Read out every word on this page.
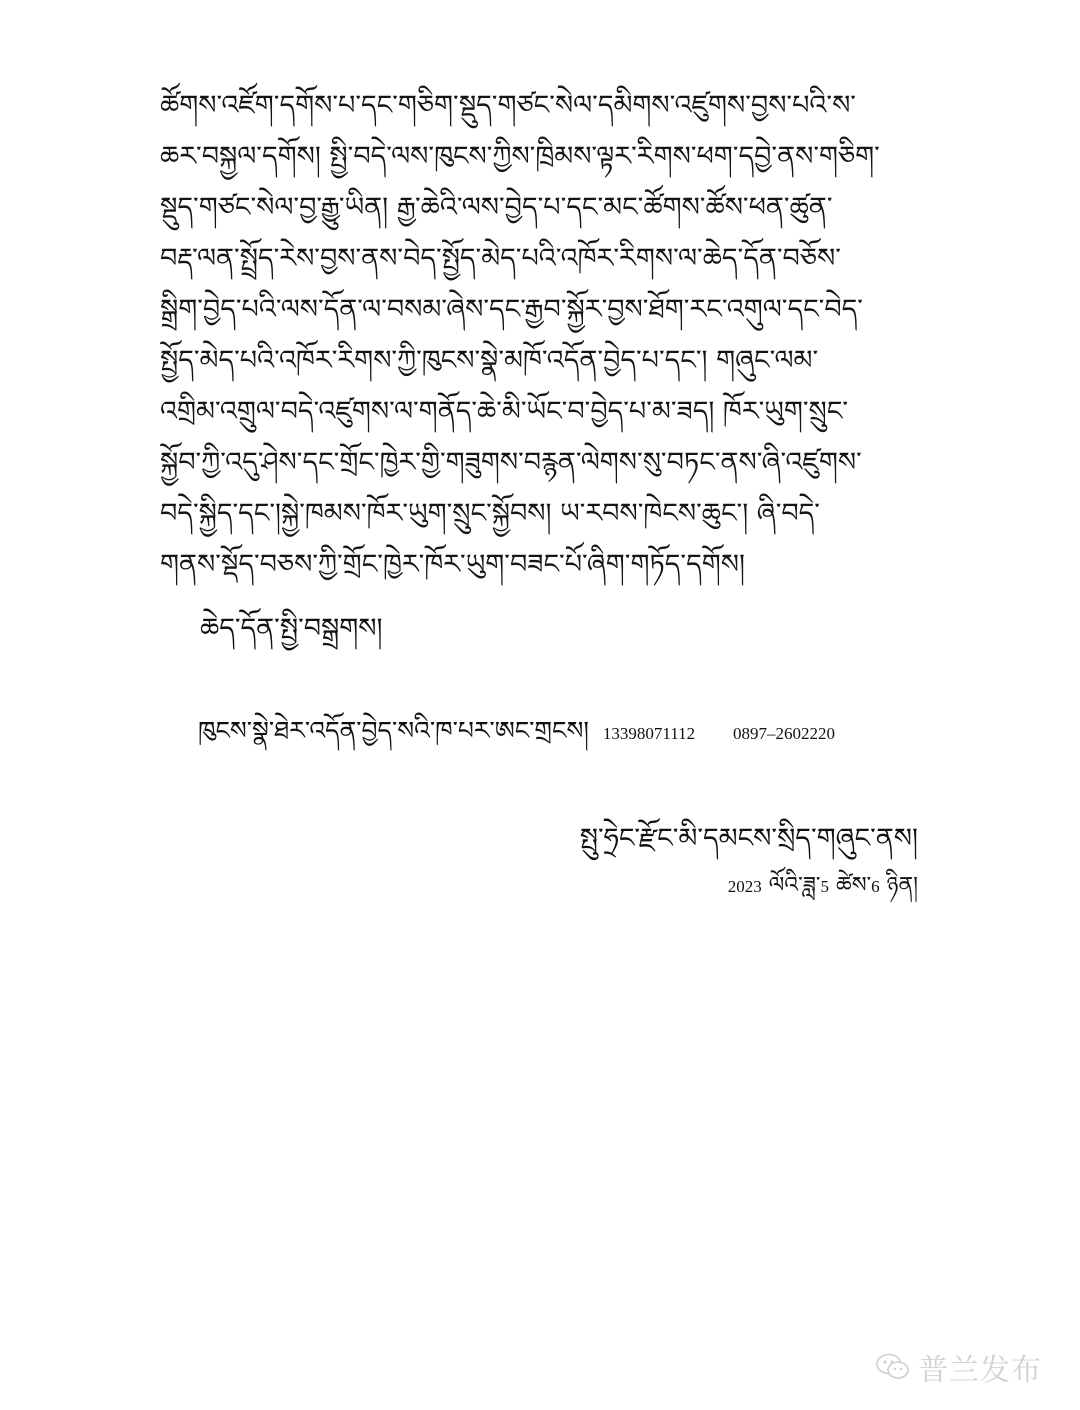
ཚོགས་འཛོག་དགོས་པ་དང་གཅིག་སྡུད་གཙང་སེལ་དམིགས་འཛུགས་བྱས་པའི་ས་
ཆར་བསྐྱལ་དགོས། སྤྱི་བདེ་ལས་ཁུངས་ཀྱིས་ཁྲིམས་ལྟར་རིགས་ཕག་དབྱེ་ནས་གཅིག་
སྡུད་གཙང་སེལ་བྱ་རྒྱུ་ཡིན། རྒྱ་ཆེའི་ལས་བྱེད་པ་དང་མང་ཚོགས་ཚོས་ཕན་ཚུན་
བརྡ་ལན་སྤྲོད་རེས་བྱས་ནས་བེད་སྤྱོད་མེད་པའི་འཁོར་རིགས་ལ་ཆེད་དོན་བཅོས་
སྒྲིག་བྱེད་པའི་ལས་དོན་ལ་བསམ་ཞེས་དང་རྒྱབ་སྐྱོར་བྱས་ཐོག་རང་འགུལ་དང་བེད་
སྤྱོད་མེད་པའི་འཁོར་རིགས་ཀྱི་ཁུངས་སྣེ་མཁོ་འདོན་བྱེད་པ་དང་། གཞུང་ལམ་
འགྲིམ་འགྲུལ་བདེ་འཛུགས་ལ་གནོད་ཆེ་མི་ཡོང་བ་བྱེད་པ་མ་ཟད། ཁོར་ཡུག་སྲུང་
སྐྱོབ་ཀྱི་འདུ་ཤེས་དང་གྲོང་ཁྱེར་གྱི་གཟུགས་བརྙན་ལེགས་སུ་བཏང་ནས་ཞི་འཛུགས་
བདེ་སྐྱིད་དང་།སྐྱེ་ཁམས་ཁོར་ཡུག་སྲུང་སྐྱོབས། ཡ་རབས་ཁེངས་ཆུང་། ཞི་བདེ་
གནས་སྡོད་བཅས་ཀྱི་གྲོང་ཁྱེར་ཁོར་ཡུག་བཟང་པོ་ཞིག་གཏོད་དགོས།
ཆེད་དོན་སྤྱི་བསྒྲགས།
ཁུངས་སྣེ་ཐེར་འདོན་བྱེད་སའི་ཁ་པར་ཨང་གྲངས། 13398071112 0897–2602220
སྤུ་ཧྲེང་རྫོང་མི་དམངས་སྲིད་གཞུང་ནས།
2023 ལོའི་ཟླ་5 ཚེས་6 ཉིན།
普兰发布
